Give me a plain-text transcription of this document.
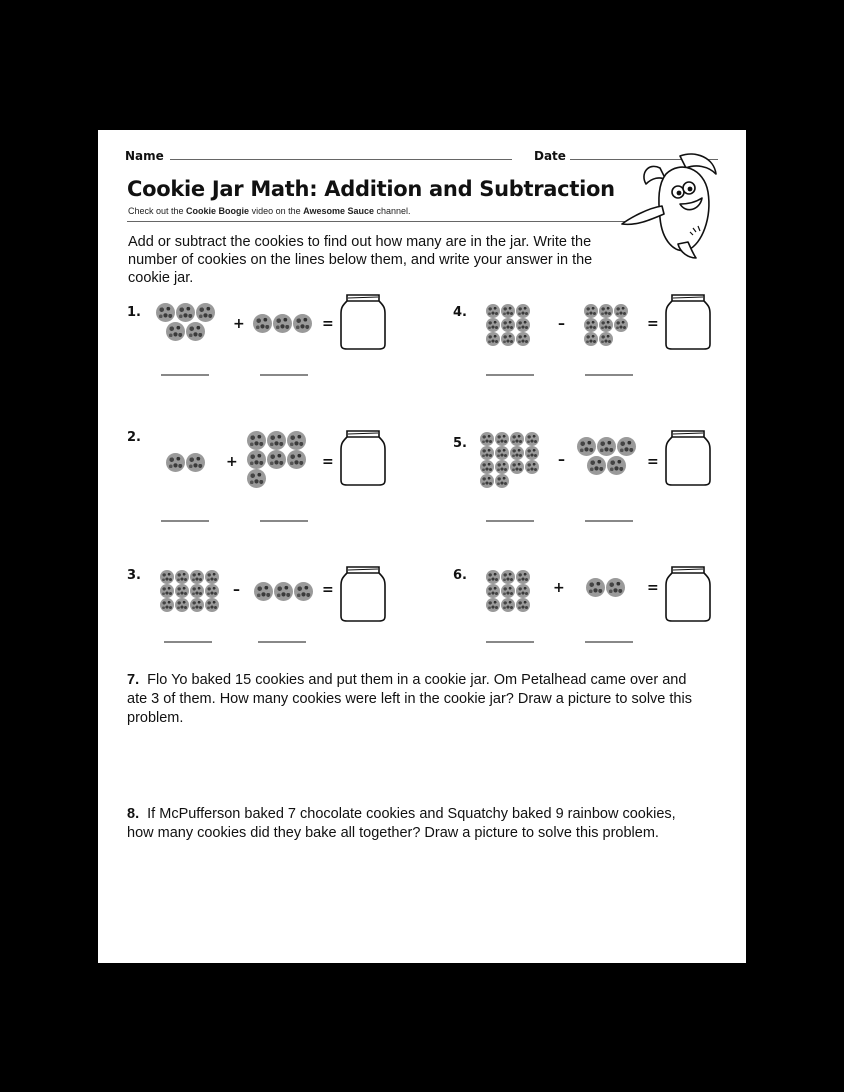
Name	Date
Cookie Jar Math: Addition and Subtraction
Check out the Cookie Boogie video on the Awesome Sauce channel.
Add or subtract the cookies to find out how many are in the jar. Write the number of cookies on the lines below them, and write your answer in the cookie jar.
1.
+	=
4.
–	=
2.
+	=
5.
–	=
3.
–	=
6.
+	=
7. Flo Yo baked 15 cookies and put them in a cookie jar. Om Petalhead came over and ate 3 of them. How many cookies were left in the cookie jar? Draw a picture to solve this problem.
8. If McPufferson baked 7 chocolate cookies and Squatchy baked 9 rainbow cookies, how many cookies did they bake all together? Draw a picture to solve this problem.
